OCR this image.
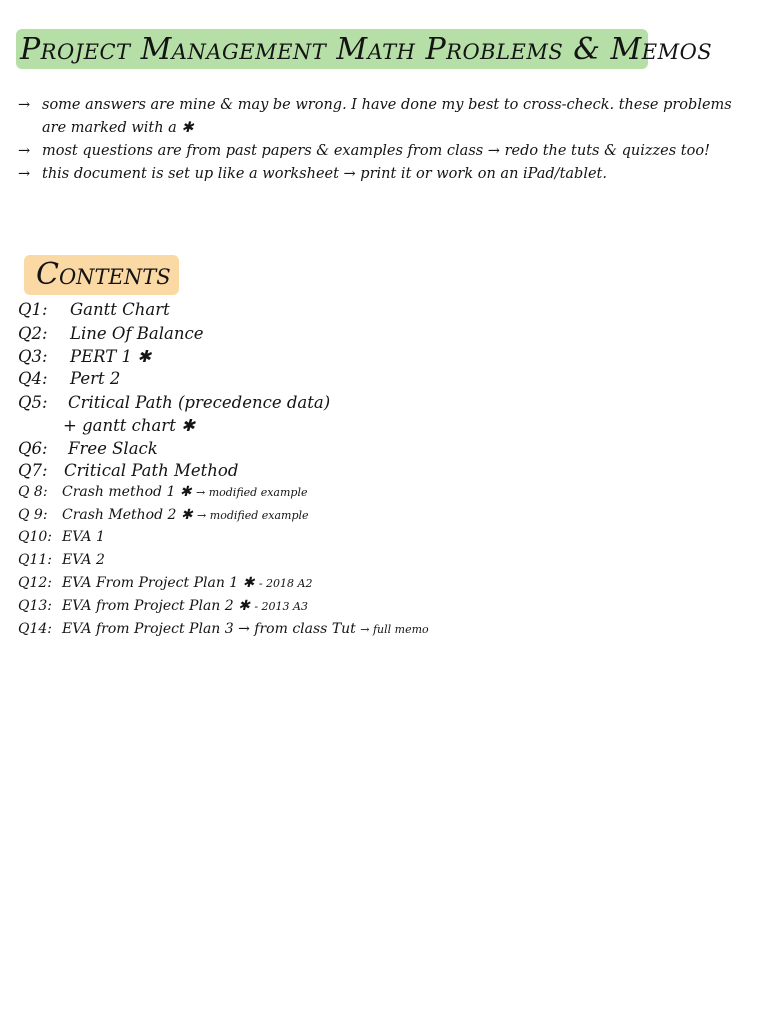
Project Management Math Problems & Memos
→ some answers are mine & may be wrong. I have done my best to cross-check. these problems are marked with a ✱
→ most questions are from past papers & examples from class → redo the tuts & quizzes too!
→ this document is set up like a worksheet → print it or work on an iPad/tablet.
Contents
Q1: Gantt Chart
Q2: Line Of Balance
Q3: PERT 1 ✱
Q4: Pert 2
Q5: Critical Path (precedence data)
+ gantt chart ✱
Q6: Free Slack
Q7: Critical Path Method
Q 8: Crash method 1 ✱ → modified example
Q 9: Crash Method 2 ✱ → modified example
Q10: EVA 1
Q11: EVA 2
Q12: EVA From Project Plan 1 ✱ - 2018 A2
Q13: EVA from Project Plan 2 ✱ - 2013 A3
Q14: EVA from Project Plan 3 → from class Tut → full memo
